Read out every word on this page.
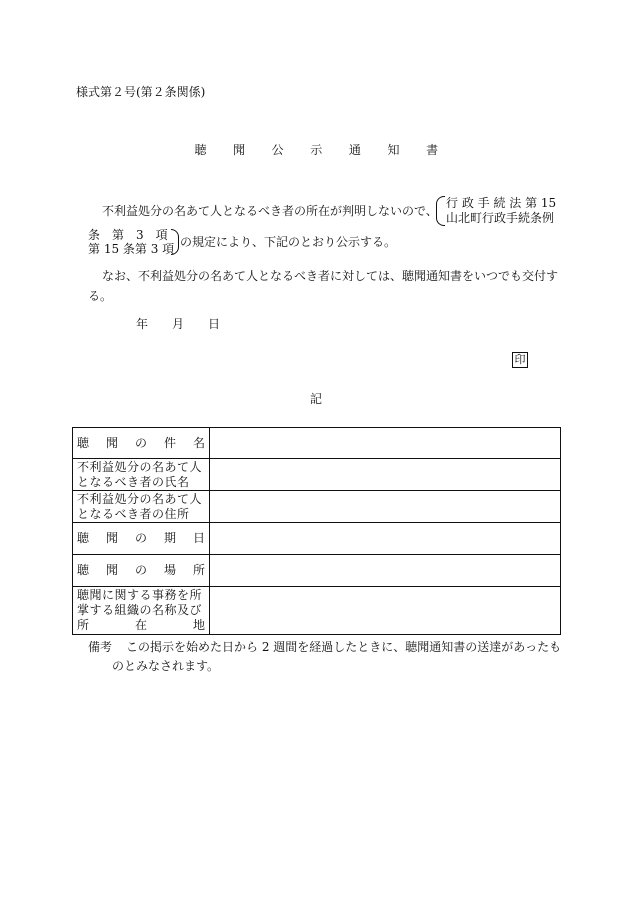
様式第２号(第２条関係)
聴 聞 公 示 通 知 書
不利益処分の名あて人となるべき者の所在が判明しないので、
行 政 手 続 法 第 15
山北町行政手続条例
条　第　3　項
第 15 条第 3 項 の規定により、下記のとおり公示する。
なお、不利益処分の名あて人となるべき者に対しては、聴聞通知書をいつでも交付す
る。
年 月 日
印
記
聴 聞 の 件 名	

不利益処分の名あて人
となるべき者の氏名	

不利益処分の名あて人
となるべき者の住所	

聴 聞 の 期 日	

聴 聞 の 場 所	

聴聞に関する事務を所
掌する組織の名称及び
所 在 地	

備考 この掲示を始めた日から 2 週間を経過したときに、聴聞通知書の送達があったも
のとみなされます。
